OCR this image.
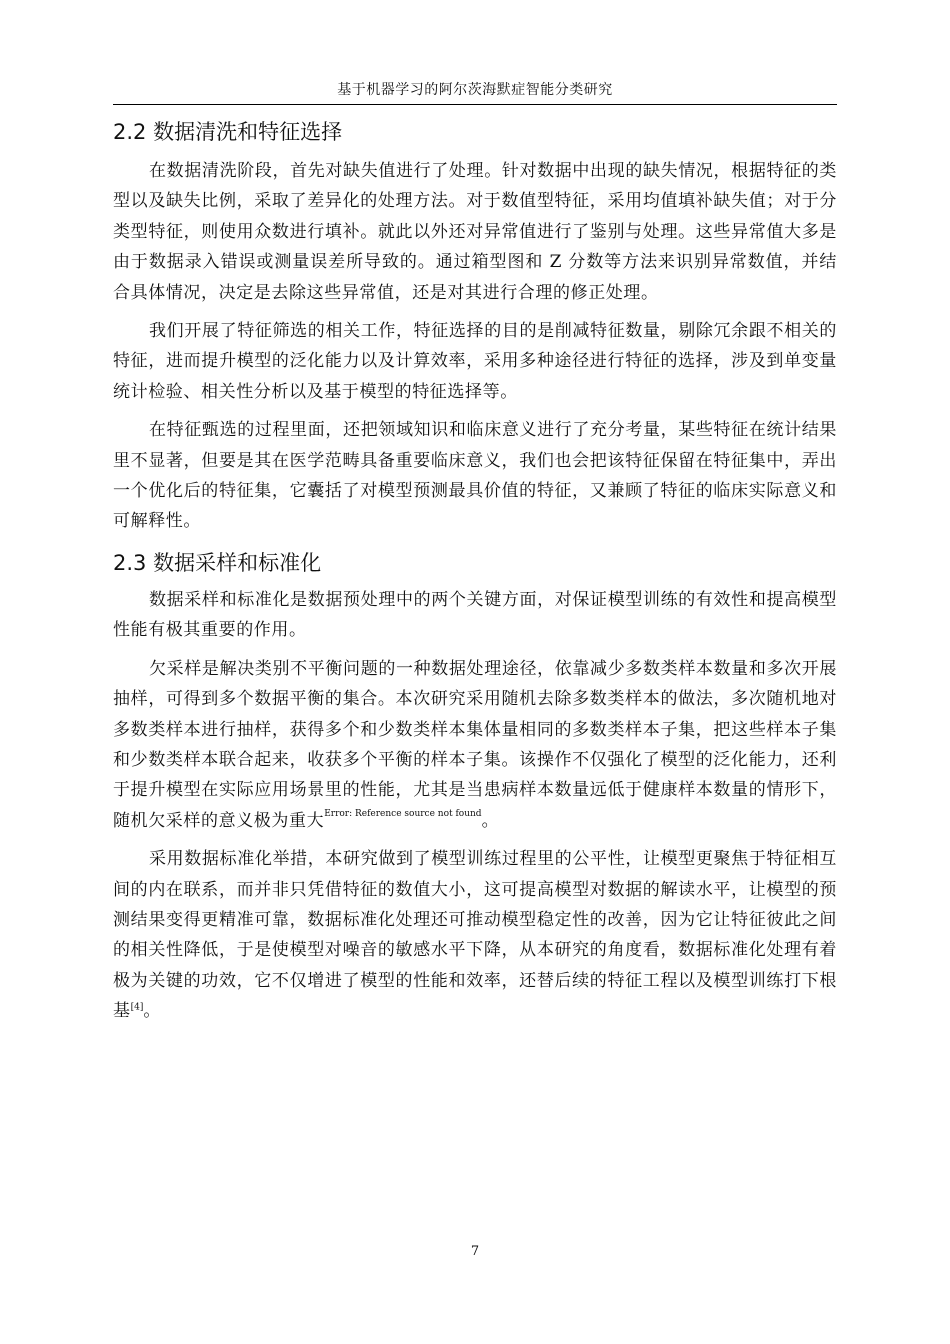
基于机器学习的阿尔茨海默症智能分类研究
2.2 数据清洗和特征选择

在数据清洗阶段，首先对缺失值进行了处理。针对数据中出现的缺失情况，根据特征的类型以及缺失比例，采取了差异化的处理方法。对于数值型特征，采用均值填补缺失值；对于分类型特征，则使用众数进行填补。就此以外还对异常值进行了鉴别与处理。这些异常值大多是由于数据录入错误或测量误差所导致的。通过箱型图和 Z 分数等方法来识别异常数值，并结合具体情况，决定是去除这些异常值，还是对其进行合理的修正处理。

我们开展了特征筛选的相关工作，特征选择的目的是削减特征数量，剔除冗余跟不相关的特征，进而提升模型的泛化能力以及计算效率，采用多种途径进行特征的选择，涉及到单变量统计检验、相关性分析以及基于模型的特征选择等。

在特征甄选的过程里面，还把领域知识和临床意义进行了充分考量，某些特征在统计结果里不显著，但要是其在医学范畴具备重要临床意义，我们也会把该特征保留在特征集中，弄出一个优化后的特征集，它囊括了对模型预测最具价值的特征，又兼顾了特征的临床实际意义和可解释性。

2.3 数据采样和标准化

数据采样和标准化是数据预处理中的两个关键方面，对保证模型训练的有效性和提高模型性能有极其重要的作用。

欠采样是解决类别不平衡问题的一种数据处理途径，依靠减少多数类样本数量和多次开展抽样，可得到多个数据平衡的集合。本次研究采用随机去除多数类样本的做法，多次随机地对多数类样本进行抽样，获得多个和少数类样本集体量相同的多数类样本子集，把这些样本子集和少数类样本联合起来，收获多个平衡的样本子集。该操作不仅强化了模型的泛化能力，还利于提升模型在实际应用场景里的性能，尤其是当患病样本数量远低于健康样本数量的情形下，随机欠采样的意义极为重大$^{Error: Reference source not found}$。

采用数据标准化举措，本研究做到了模型训练过程里的公平性，让模型更聚焦于特征相互间的内在联系，而并非只凭借特征的数值大小，这可提高模型对数据的解读水平，让模型的预测结果变得更精准可靠，数据标准化处理还可推动模型稳定性的改善，因为它让特征彼此之间的相关性降低，于是使模型对噪音的敏感水平下降，从本研究的角度看，数据标准化处理有着极为关键的功效，它不仅增进了模型的性能和效率，还替后续的特征工程以及模型训练打下根基[4]。

7
